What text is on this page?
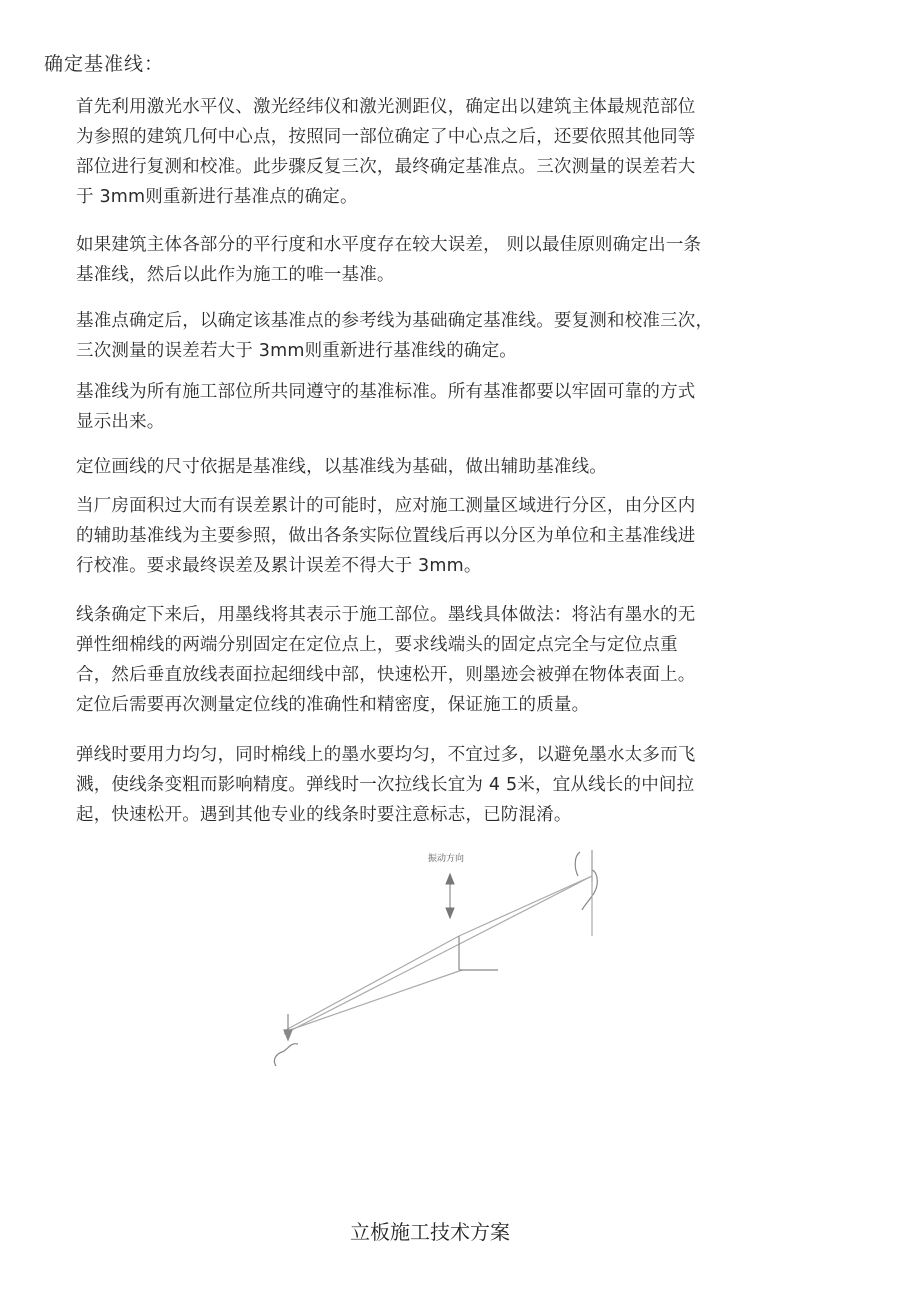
确定基准线：
首先利用激光水平仪、激光经纬仪和激光测距仪，确定出以建筑主体最规范部位
为参照的建筑几何中心点，按照同一部位确定了中心点之后，还要依照其他同等
部位进行复测和校准。此步骤反复三次，最终确定基准点。三次测量的误差若大
于 3mm则重新进行基准点的确定。
如果建筑主体各部分的平行度和水平度存在较大误差， 则以最佳原则确定出一条
基准线，然后以此作为施工的唯一基准。
基准点确定后，以确定该基准点的参考线为基础确定基准线。要复测和校准三次，
三次测量的误差若大于 3mm则重新进行基准线的确定。
基准线为所有施工部位所共同遵守的基准标准。所有基准都要以牢固可靠的方式
显示出来。
定位画线的尺寸依据是基准线，以基准线为基础，做出辅助基准线。
当厂房面积过大而有误差累计的可能时，应对施工测量区域进行分区，由分区内
的辅助基准线为主要参照，做出各条实际位置线后再以分区为单位和主基准线进
行校准。要求最终误差及累计误差不得大于 3mm。
线条确定下来后，用墨线将其表示于施工部位。墨线具体做法：将沾有墨水的无
弹性细棉线的两端分别固定在定位点上，要求线端头的固定点完全与定位点重
合，然后垂直放线表面拉起细线中部，快速松开，则墨迹会被弹在物体表面上。
定位后需要再次测量定位线的准确性和精密度，保证施工的质量。
弹线时要用力均匀，同时棉线上的墨水要均匀，不宜过多，以避免墨水太多而飞
溅，使线条变粗而影响精度。弹线时一次拉线长宜为 4 5米，宜从线长的中间拉
起，快速松开。遇到其他专业的线条时要注意标志，已防混淆。
振动方向
立板施工技术方案
